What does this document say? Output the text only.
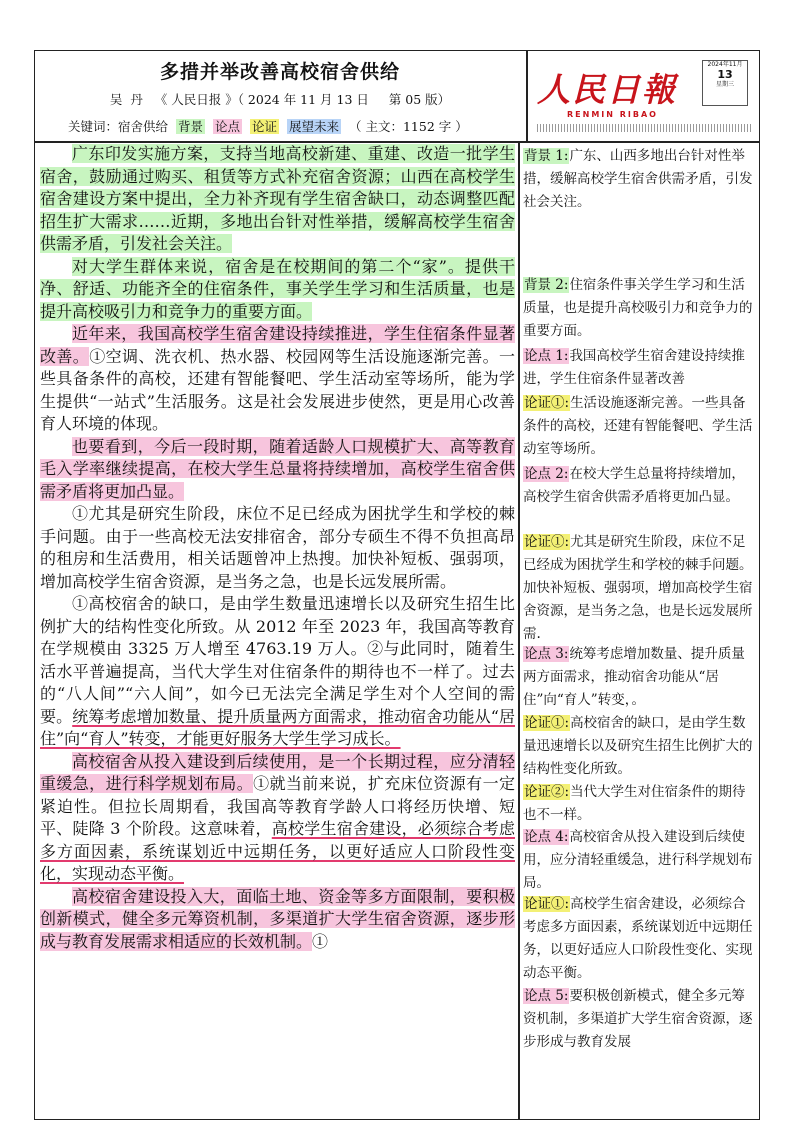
多措并举改善高校宿舍供给
吴  丹   《 人民日报 》（ 2024 年 11 月 13 日     第 05 版）
关键词：宿舍供给 背景 论点 论证 展望未来 （ 主文：1152 字 ）
人民日報
RENMIN RIBAO
2024年11月
13
星期三

广东印发实施方案，支持当地高校新建、重建、改造一批学生宿舍，鼓励通过购买、租赁等方式补充宿舍资源；山西在高校学生宿舍建设方案中提出，全力补齐现有学生宿舍缺口，动态调整匹配招生扩大需求……近期，多地出台针对性举措，缓解高校学生宿舍供需矛盾，引发社会关注。

对大学生群体来说，宿舍是在校期间的第二个“家”。提供干净、舒适、功能齐全的住宿条件，事关学生学习和生活质量，也是提升高校吸引力和竞争力的重要方面。

近年来，我国高校学生宿舍建设持续推进，学生住宿条件显著改善。①空调、洗衣机、热水器、校园网等生活设施逐渐完善。一些具备条件的高校，还建有智能餐吧、学生活动室等场所，能为学生提供“一站式”生活服务。这是社会发展进步使然，更是用心改善育人环境的体现。

也要看到，今后一段时期，随着适龄人口规模扩大、高等教育毛入学率继续提高，在校大学生总量将持续增加，高校学生宿舍供需矛盾将更加凸显。

①尤其是研究生阶段，床位不足已经成为困扰学生和学校的棘手问题。由于一些高校无法安排宿舍，部分专硕生不得不负担高昂的租房和生活费用，相关话题曾冲上热搜。加快补短板、强弱项，增加高校学生宿舍资源，是当务之急，也是长远发展所需。

①高校宿舍的缺口，是由学生数量迅速增长以及研究生招生比例扩大的结构性变化所致。从 2012 年至 2023 年，我国高等教育在学规模由 3325 万人增至 4763.19 万人。②与此同时，随着生活水平普遍提高，当代大学生对住宿条件的期待也不一样了。过去的“八人间”“六人间”，如今已无法完全满足学生对个人空间的需要。统筹考虑增加数量、提升质量两方面需求，推动宿舍功能从“居住”向“育人”转变，才能更好服务大学生学习成长。

高校宿舍从投入建设到后续使用，是一个长期过程，应分清轻重缓急，进行科学规划布局。①就当前来说，扩充床位资源有一定紧迫性。但拉长周期看，我国高等教育学龄人口将经历快增、短平、陡降 3 个阶段。这意味着，高校学生宿舍建设，必须综合考虑多方面因素，系统谋划近中远期任务，以更好适应人口阶段性变化，实现动态平衡。

高校宿舍建设投入大，面临土地、资金等多方面限制，要积极创新模式，健全多元筹资机制，多渠道扩大学生宿舍资源，逐步形成与教育发展需求相适应的长效机制。①

背景 1:广东、山西多地出台针对性举措，缓解高校学生宿舍供需矛盾，引发社会关注。
背景 2:住宿条件事关学生学习和生活质量，也是提升高校吸引力和竞争力的重要方面。
论点 1:我国高校学生宿舍建设持续推进，学生住宿条件显著改善
论证①:生活设施逐渐完善。一些具备条件的高校，还建有智能餐吧、学生活动室等场所。
论点 2:在校大学生总量将持续增加，高校学生宿舍供需矛盾将更加凸显。
论证①:尤其是研究生阶段，床位不足已经成为困扰学生和学校的棘手问题。加快补短板、强弱项，增加高校学生宿舍资源，是当务之急，也是长远发展所需.
论点 3:统筹考虑增加数量、提升质量两方面需求，推动宿舍功能从“居住”向“育人”转变，。
论证①:高校宿舍的缺口，是由学生数量迅速增长以及研究生招生比例扩大的结构性变化所致。
论证②:当代大学生对住宿条件的期待也不一样。
论点 4:高校宿舍从投入建设到后续使用，应分清轻重缓急，进行科学规划布局。
论证①:高校学生宿舍建设，必须综合考虑多方面因素，系统谋划近中远期任务，以更好适应人口阶段性变化、实现动态平衡。
论点 5:要积极创新模式，健全多元筹资机制，多渠道扩大学生宿舍资源，逐步形成与教育发展
